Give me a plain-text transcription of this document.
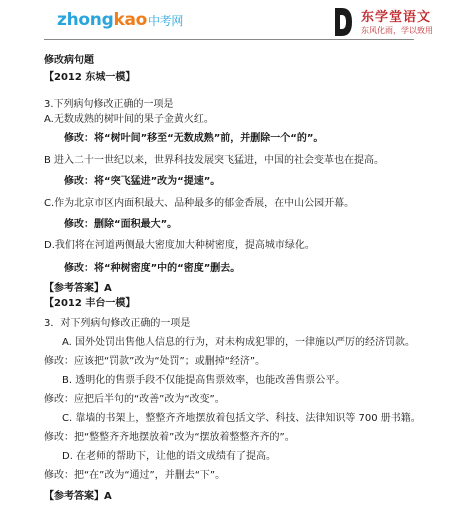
zhongkao中考网	东学堂语文
东风化雨，学以致用
修改病句题
【2012 东城一模】
3.下列病句修改正确的一项是
A.无数成熟的树叶间的果子金黄火红。
修改：将“树叶间”移至“无数成熟”前，并删除一个“的”。
B 进入二十一世纪以来，世界科技发展突飞猛进，中国的社会变革也在提高。
修改：将“突飞猛进”改为“提速”。
C.作为北京市区内面积最大、品种最多的郁金香展，在中山公园开幕。
修改：删除“面积最大”。
D.我们将在河道两侧最大密度加大种树密度，提高城市绿化。
修改：将“种树密度”中的“密度”删去。
【参考答案】A
【2012 丰台一模】
3．对下列病句修改正确的一项是
A. 国外处罚出售他人信息的行为，对未构成犯罪的，一律施以严厉的经济罚款。
修改：应该把“罚款”改为“处罚”；或删掉“经济”。
B. 透明化的售票手段不仅能提高售票效率，也能改善售票公平。
修改：应把后半句的“改善”改为“改变”。
C. 靠墙的书架上，整整齐齐地摆放着包括文学、科技、法律知识等 700 册书籍。
修改：把“整整齐齐地摆放着”改为“摆放着整整齐齐的”。
D. 在老师的帮助下，让他的语文成绩有了提高。
修改：把“在”改为“通过”，并删去“下”。
【参考答案】A
